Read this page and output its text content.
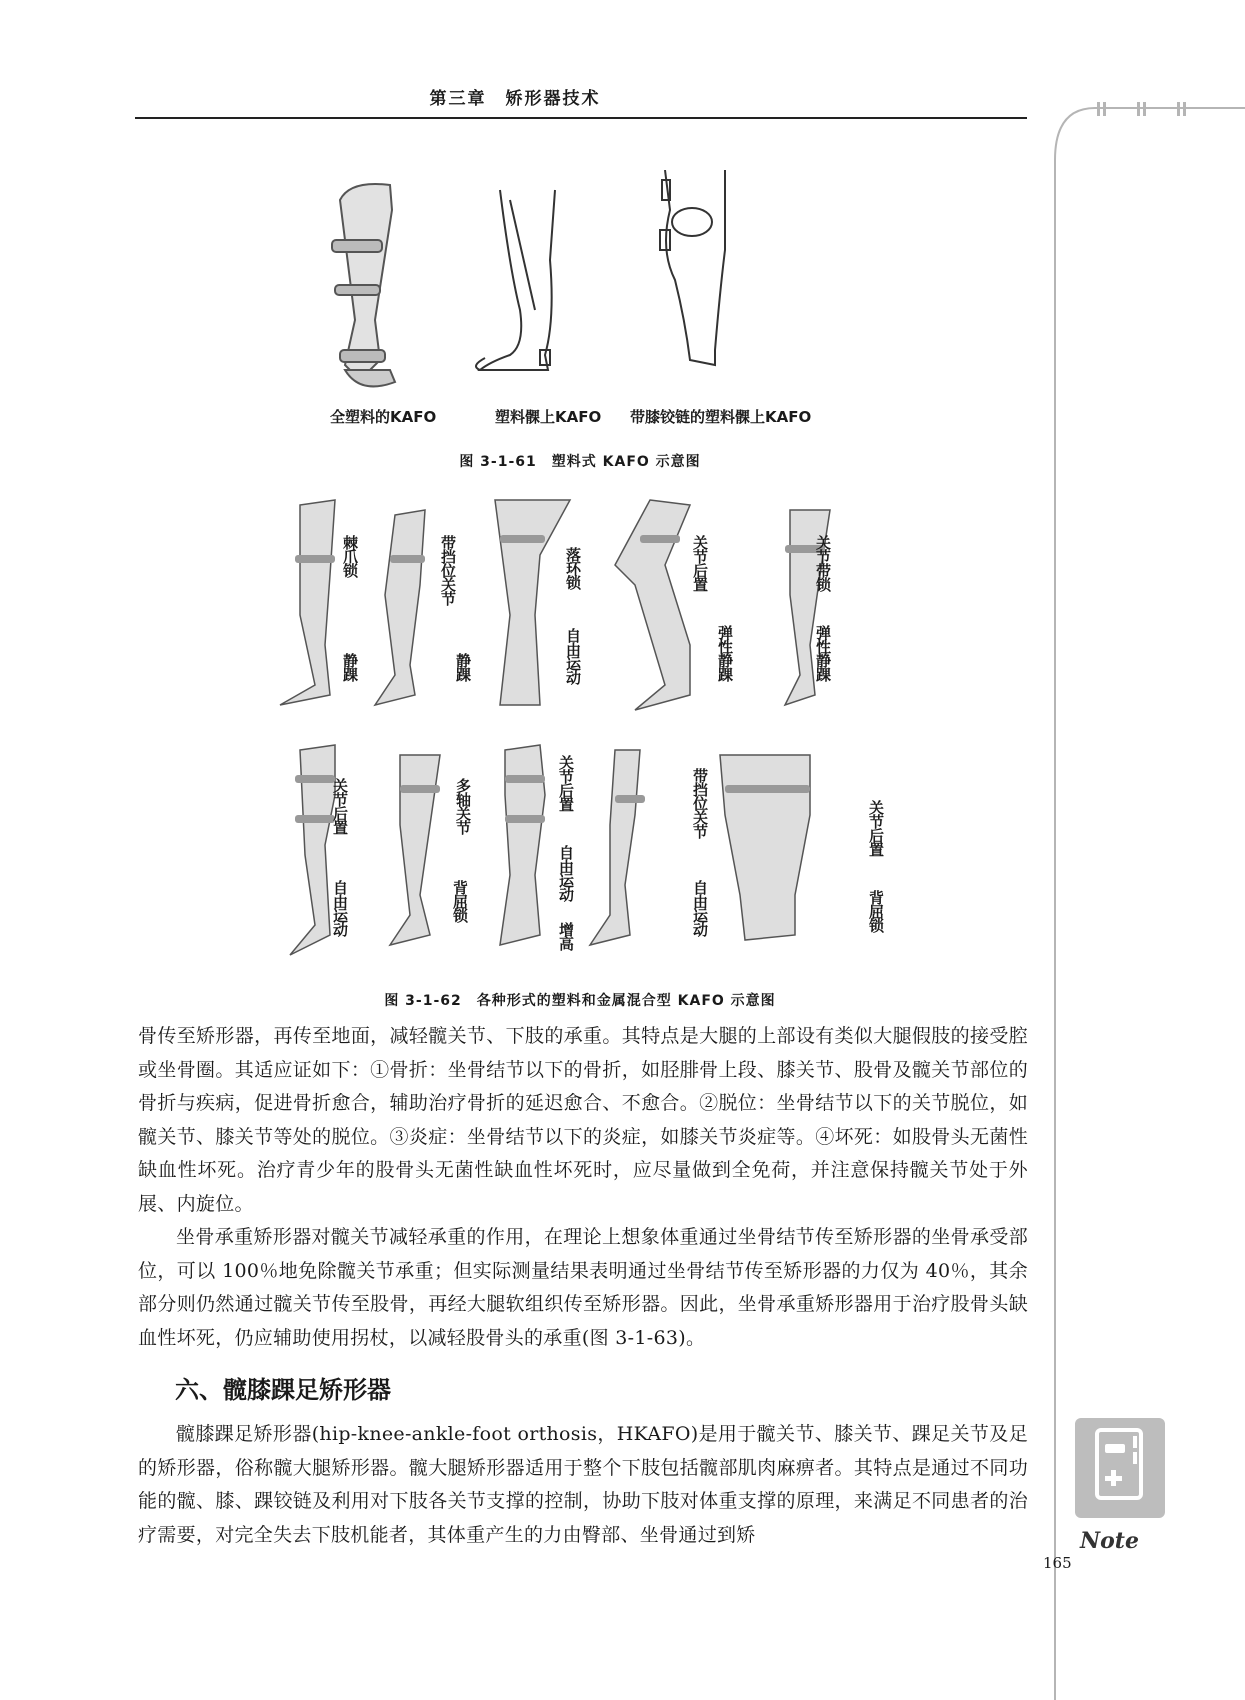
第三章　矫形器技术
全塑料的KAFO	塑料髁上KAFO 带膝铰链的塑料髁上KAFO
图 3-1-61　塑料式 KAFO 示意图
棘爪锁
静踝
带挡位关节
静踝
落环锁
自由运动
关节后置
弹性静踝
关节带锁
弹性静踝
关节后置
自由运动
多轴关节
背屈锁
关节后置
自由运动
增高
带挡位关节
自由运动
关节后置
背屈锁
图 3-1-62　各种形式的塑料和金属混合型 KAFO 示意图

骨传至矫形器，再传至地面，减轻髋关节、下肢的承重。其特点是大腿的上部设有类似大腿假肢的接受腔或坐骨圈。其适应证如下：①骨折：坐骨结节以下的骨折，如胫腓骨上段、膝关节、股骨及髋关节部位的骨折与疾病，促进骨折愈合，辅助治疗骨折的延迟愈合、不愈合。②脱位：坐骨结节以下的关节脱位，如髋关节、膝关节等处的脱位。③炎症：坐骨结节以下的炎症，如膝关节炎症等。④坏死：如股骨头无菌性缺血性坏死。治疗青少年的股骨头无菌性缺血性坏死时，应尽量做到全免荷，并注意保持髋关节处于外展、内旋位。

坐骨承重矫形器对髋关节减轻承重的作用，在理论上想象体重通过坐骨结节传至矫形器的坐骨承受部位，可以 100％地免除髋关节承重；但实际测量结果表明通过坐骨结节传至矫形器的力仅为 40％，其余部分则仍然通过髋关节传至股骨，再经大腿软组织传至矫形器。因此，坐骨承重矫形器用于治疗股骨头缺血性坏死，仍应辅助使用拐杖，以减轻股骨头的承重(图 3-1-63)。

六、髋膝踝足矫形器

髋膝踝足矫形器(hip-knee-ankle-foot orthosis，HKAFO)是用于髋关节、膝关节、踝足关节及足的矫形器，俗称髋大腿矫形器。髋大腿矫形器适用于整个下肢包括髋部肌肉麻痹者。其特点是通过不同功能的髋、膝、踝铰链及利用对下肢各关节支撑的控制，协助下肢对体重支撑的原理，来满足不同患者的治疗需要，对完全失去下肢机能者，其体重产生的力由臀部、坐骨通过到矫	Note
165
